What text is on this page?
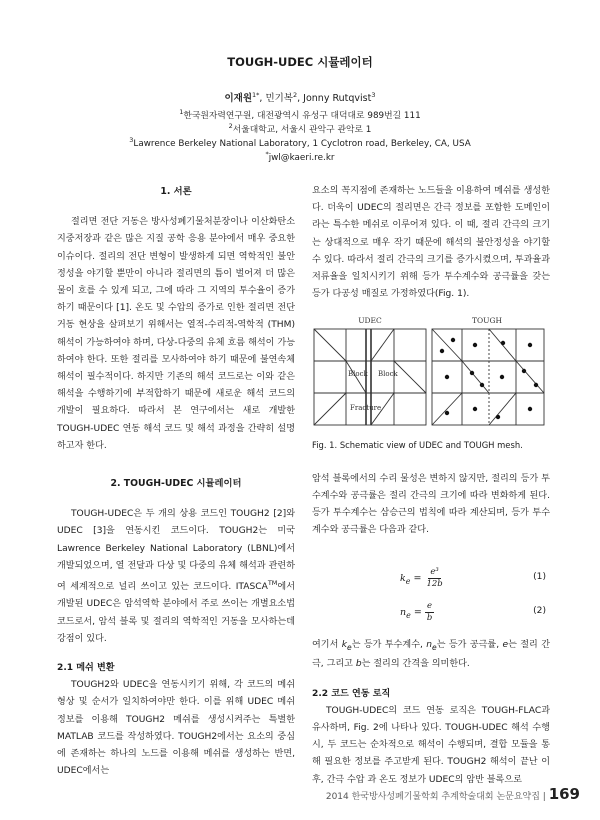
TOUGH-UDEC 시뮬레이터
이재원$^{1*}$, 민기복$^2$, Jonny Rutqvist$^3$
$^1$한국원자력연구원, 대전광역시 유성구 대덕대로 989번길 111
$^2$서울대학교, 서울시 관악구 관악로 1
$^3$Lawrence Berkeley National Laboratory, 1 Cyclotron road, Berkeley, CA, USA
*jwl@kaeri.re.kr
1. 서론

절리면 전단 거동은 방사성폐기물처분장이나 이산화탄소 지중저장과 같은 많은 지질 공학 응용 분야에서 매우 중요한 이슈이다. 절리의 전단 변형이 발생하게 되면 역학적인 불안정성을 야기할 뿐만이 아니라 절리면의 틈이 벌어져 더 많은 물이 흐를 수 있게 되고, 그에 따라 그 지역의 투수율이 증가하기 때문이다 [1]. 온도 및 수압의 증가로 인한 절리면 전단 거동 현상을 살펴보기 위해서는 열적-수리적-역학적 (THM) 해석이 가능하여야 하며, 다상-다중의 유체 흐름 해석이 가능하여야 한다. 또한 절리를 모사하여야 하기 때문에 불연속체 해석이 필수적이다. 하지만 기존의 해석 코드로는 이와 같은 해석을 수행하기에 부적합하기 때문에 새로운 해석 코드의 개발이 필요하다. 따라서 본 연구에서는 새로 개발한 TOUGH-UDEC 연동 해석 코드 및 해석 과정을 간략히 설명하고자 한다.

2. TOUGH-UDEC 시뮬레이터

TOUGH-UDEC은 두 개의 상용 코드인 TOUGH2 [2]와 UDEC [3]을 연동시킨 코드이다. TOUGH2는 미국 Lawrence Berkeley National Laboratory (LBNL)에서 개발되었으며, 열 전달과 다상 및 다중의 유체 해석과 관련하여 세계적으로 널리 쓰이고 있는 코드이다. ITASCA™에서 개발된 UDEC은 암석역학 분야에서 주로 쓰이는 개별요소법 코드로서, 암석 블록 및 절리의 역학적인 거동을 모사하는데 강점이 있다.

2.1 메쉬 변환

TOUGH2와 UDEC을 연동시키기 위해, 각 코드의 메쉬 형상 및 순서가 일치하여야만 한다. 이를 위해 UDEC 메쉬 정보를 이용해 TOUGH2 메쉬를 생성시켜주는 특별한 MATLAB 코드를 작성하였다. TOUGH2에서는 요소의 중심에 존재하는 하나의 노드를 이용해 메쉬를 생성하는 반면, UDEC에서는

요소의 꼭지점에 존재하는 노드들을 이용하여 메쉬를 생성한다. 더욱이 UDEC의 절리면은 간극 정보를 포함한 도메인이라는 특수한 메쉬로 이루어져 있다. 이 때, 절리 간극의 크기는 상대적으로 매우 작기 때문에 해석의 불안정성을 야기할 수 있다. 따라서 절리 간극의 크기를 증가시켰으며, 투과율과 저류율을 일치시키기 위해 등가 투수계수와 공극률을 갖는 등가 다공성 매질로 가정하였다(Fig. 1).

UDEC	TOUGH
Block Block
Fracture
Fig. 1. Schematic view of UDEC and TOUGH mesh.

암석 블록에서의 수리 물성은 변하지 않지만, 절리의 등가 투수계수와 공극률은 절리 간극의 크기에 따라 변화하게 된다. 등가 투수계수는 삼승근의 법칙에 따라 계산되며, 등가 투수계수와 공극률은 다음과 같다.

$k_e = \frac{\text{e³}}{12b}$	(1)
$n_e = \frac{e}{b}$	(2)

여기서 $k_e$는 등가 투수계수, $n_e$는 등가 공극률, e는 절리 간극, 그리고 b는 절리의 간격을 의미한다.

2.2 코드 연동 로직

TOUGH-UDEC의 코드 연동 로직은 TOUGH-FLAC과 유사하며, Fig. 2에 나타나 있다. TOUGH-UDEC 해석 수행 시, 두 코드는 순차적으로 해석이 수행되며, 결합 모듈을 통해 필요한 정보를 주고받게 된다. TOUGH2 해석이 끝난 이후, 간극 수압 과 온도 정보가 UDEC의 암반 블록으로

2014 한국방사성폐기물학회 추계학술대회 논문요약집 | 169
